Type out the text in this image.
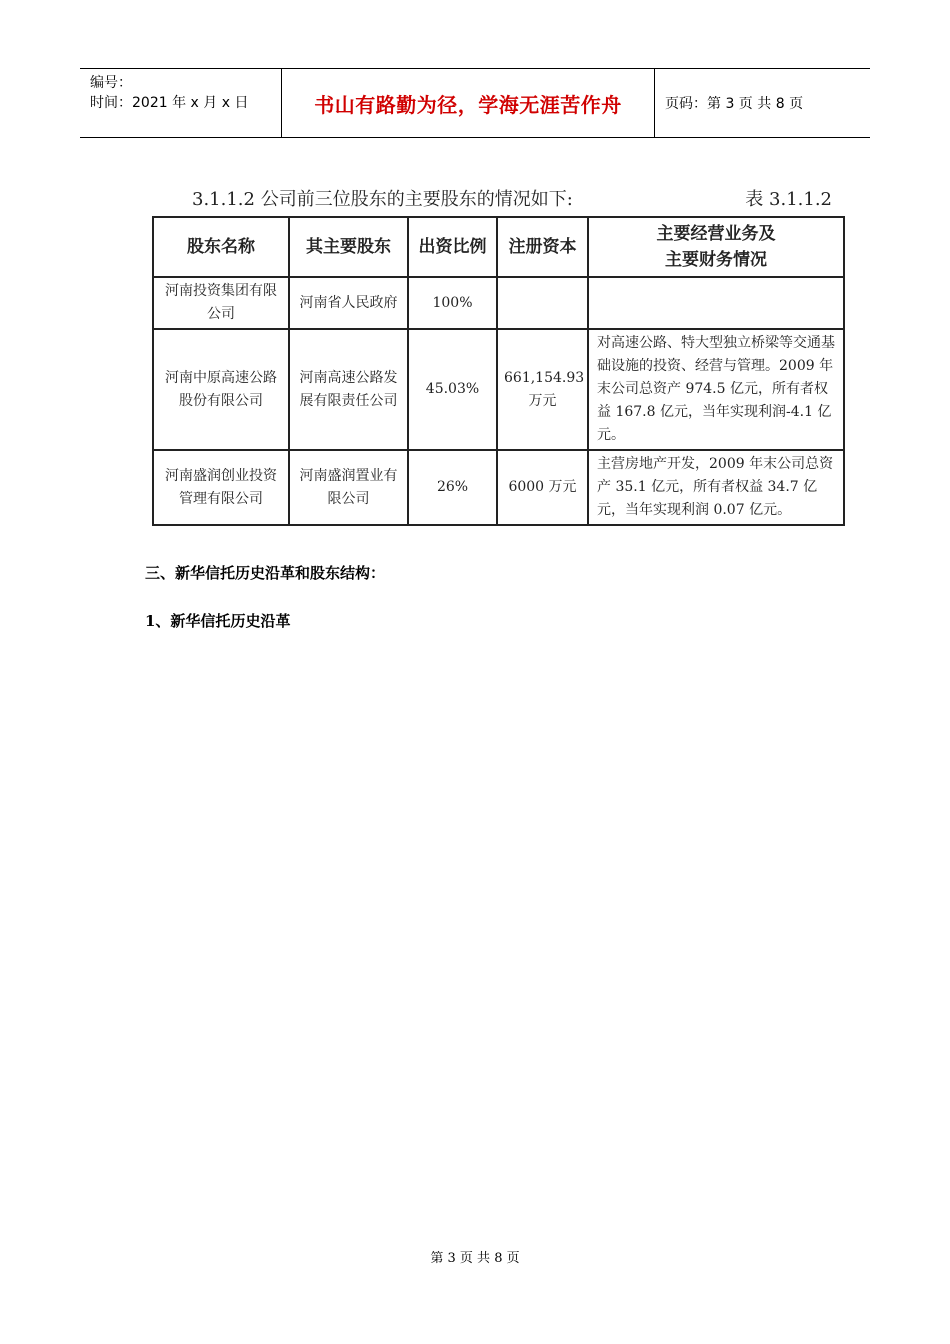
编号：
时间：2021 年 x 月 x 日	书山有路勤为径，学海无涯苦作舟	页码：第 3 页 共 8 页
3.1.1.2 公司前三位股东的主要股东的情况如下:	表 3.1.1.2
股东名称	其主要股东	出资比例	注册资本	主要经营业务及
主要财务情况
河南投资集团有限公司	河南省人民政府	100%		
河南中原高速公路股份有限公司	河南高速公路发展有限责任公司	45.03%	661,154.93 万元	对高速公路、特大型独立桥梁等交通基础设施的投资、经营与管理。2009 年末公司总资产 974.5 亿元，所有者权益 167.8 亿元，当年实现利润-4.1 亿元。
河南盛润创业投资管理有限公司	河南盛润置业有限公司	26%	6000 万元	主营房地产开发，2009 年末公司总资产 35.1 亿元，所有者权益 34.7 亿元，当年实现利润 0.07 亿元。
三、新华信托历史沿革和股东结构：
1、新华信托历史沿革
第 3 页 共 8 页
